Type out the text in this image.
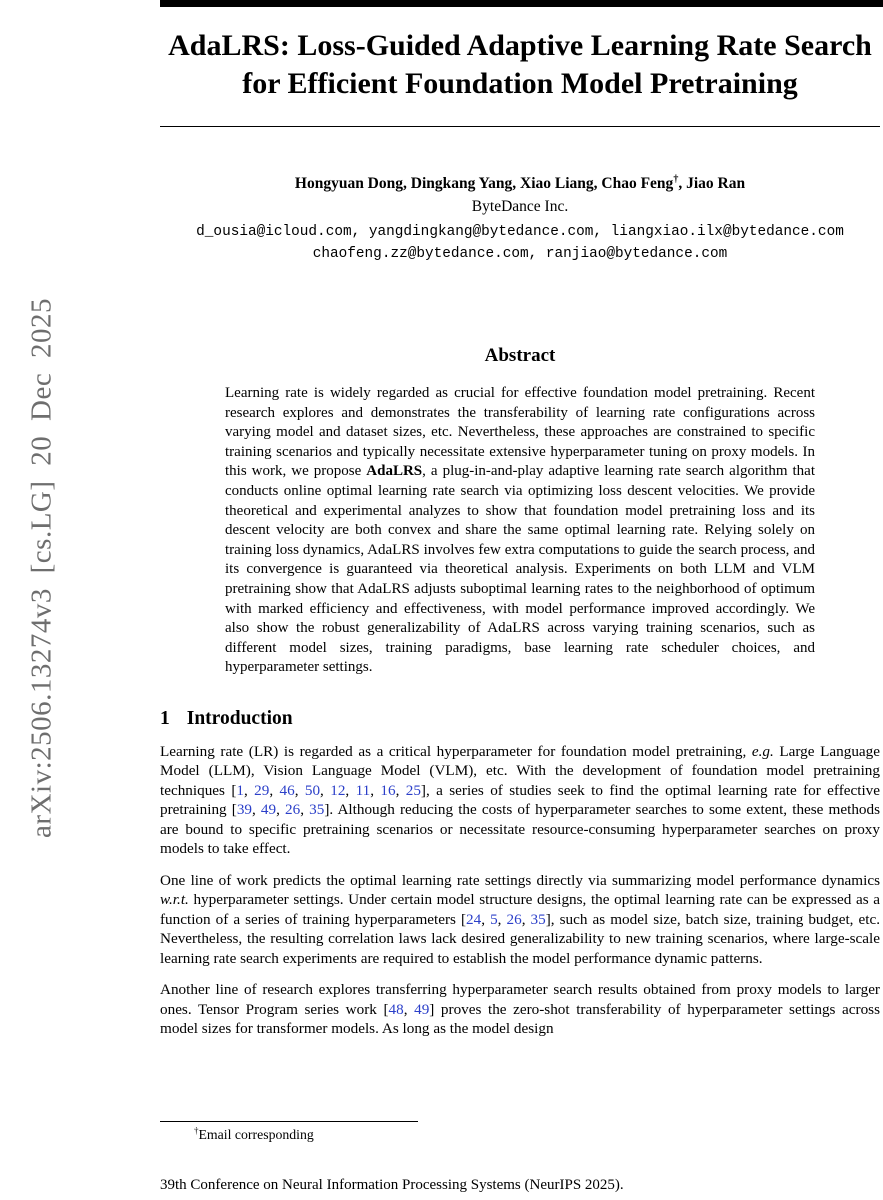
arXiv:2506.13274v3 [cs.LG] 20 Dec 2025
AdaLRS: Loss-Guided Adaptive Learning Rate Search
for Efficient Foundation Model Pretraining
Hongyuan Dong, Dingkang Yang, Xiao Liang, Chao Feng†, Jiao Ran
ByteDance Inc.
d_ousia@icloud.com, yangdingkang@bytedance.com, liangxiao.ilx@bytedance.com
chaofeng.zz@bytedance.com, ranjiao@bytedance.com
Abstract
Learning rate is widely regarded as crucial for effective foundation model pretraining. Recent research explores and demonstrates the transferability of learning rate configurations across varying model and dataset sizes, etc. Nevertheless, these approaches are constrained to specific training scenarios and typically necessitate extensive hyperparameter tuning on proxy models. In this work, we propose AdaLRS, a plug-in-and-play adaptive learning rate search algorithm that conducts online optimal learning rate search via optimizing loss descent velocities. We provide theoretical and experimental analyzes to show that foundation model pretraining loss and its descent velocity are both convex and share the same optimal learning rate. Relying solely on training loss dynamics, AdaLRS involves few extra computations to guide the search process, and its convergence is guaranteed via theoretical analysis. Experiments on both LLM and VLM pretraining show that AdaLRS adjusts suboptimal learning rates to the neighborhood of optimum with marked efficiency and effectiveness, with model performance improved accordingly. We also show the robust generalizability of AdaLRS across varying training scenarios, such as different model sizes, training paradigms, base learning rate scheduler choices, and hyperparameter settings.
1 Introduction

Learning rate (LR) is regarded as a critical hyperparameter for foundation model pretraining, e.g. Large Language Model (LLM), Vision Language Model (VLM), etc. With the development of foundation model pretraining techniques [1, 29, 46, 50, 12, 11, 16, 25], a series of studies seek to find the optimal learning rate for effective pretraining [39, 49, 26, 35]. Although reducing the costs of hyperparameter searches to some extent, these methods are bound to specific pretraining scenarios or necessitate resource-consuming hyperparameter searches on proxy models to take effect.

One line of work predicts the optimal learning rate settings directly via summarizing model performance dynamics w.r.t. hyperparameter settings. Under certain model structure designs, the optimal learning rate can be expressed as a function of a series of training hyperparameters [24, 5, 26, 35], such as model size, batch size, training budget, etc. Nevertheless, the resulting correlation laws lack desired generalizability to new training scenarios, where large-scale learning rate search experiments are required to establish the model performance dynamic patterns.

Another line of research explores transferring hyperparameter search results obtained from proxy models to larger ones. Tensor Program series work [48, 49] proves the zero-shot transferability of hyperparameter settings across model sizes for transformer models. As long as the model design

†Email corresponding
39th Conference on Neural Information Processing Systems (NeurIPS 2025).
